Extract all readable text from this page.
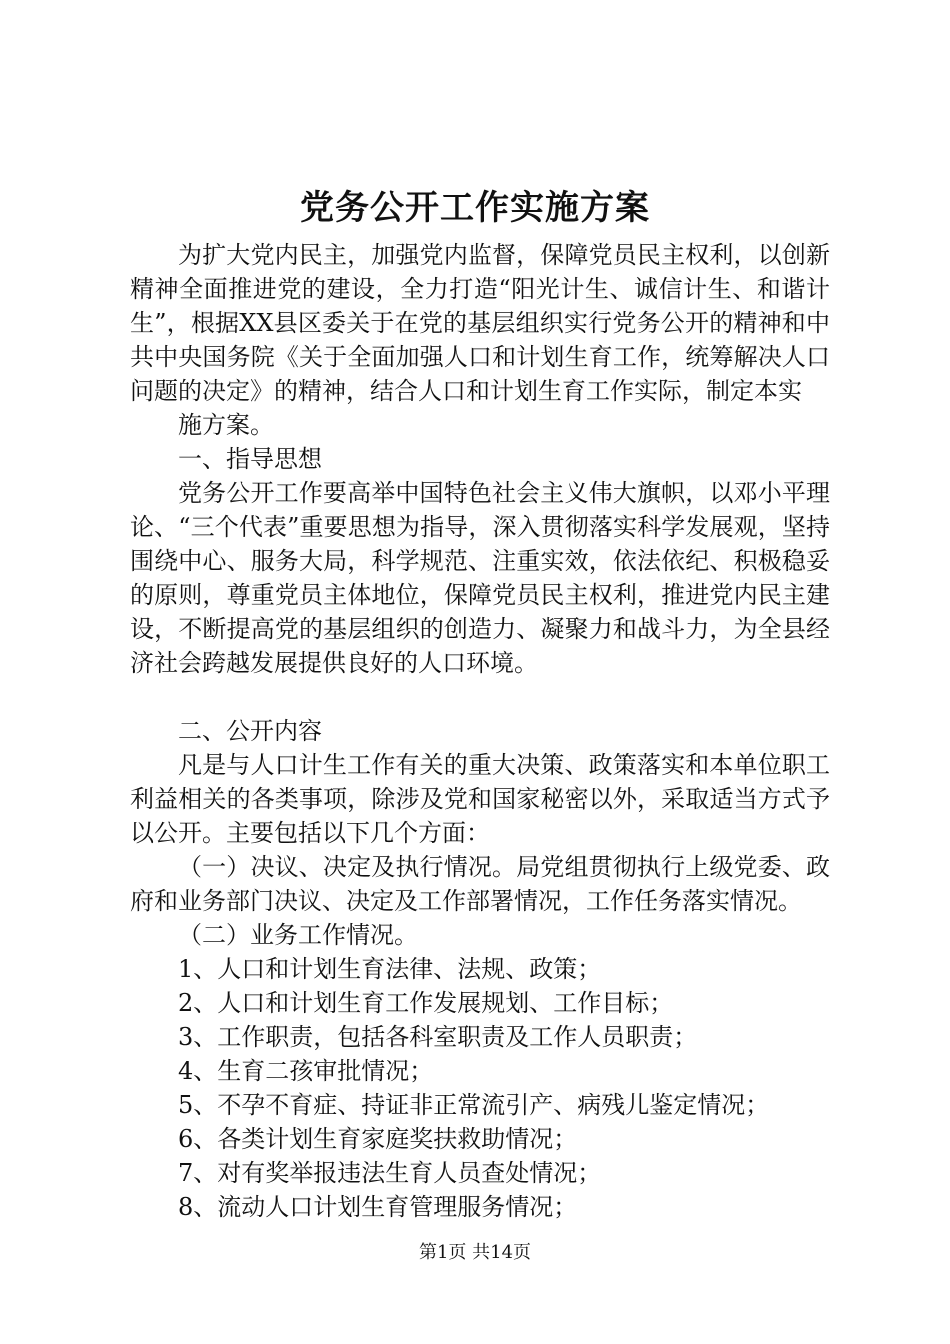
党务公开工作实施方案

为扩大党内民主，加强党内监督，保障党员民主权利，以创新精神全面推进党的建设，全力打造“阳光计生、诚信计生、和谐计生”，根据XX县区委关于在党的基层组织实行党务公开的精神和中共中央国务院《关于全面加强人口和计划生育工作，统筹解决人口问题的决定》的精神，结合人口和计划生育工作实际，制定本实

施方案。

一、指导思想

党务公开工作要高举中国特色社会主义伟大旗帜，以邓小平理论、“三个代表”重要思想为指导，深入贯彻落实科学发展观，坚持围绕中心、服务大局，科学规范、注重实效，依法依纪、积极稳妥的原则，尊重党员主体地位，保障党员民主权利，推进党内民主建设，不断提高党的基层组织的创造力、凝聚力和战斗力，为全县经济社会跨越发展提供良好的人口环境。

二、公开内容

凡是与人口计生工作有关的重大决策、政策落实和本单位职工利益相关的各类事项，除涉及党和国家秘密以外，采取适当方式予以公开。主要包括以下几个方面：

（一）决议、决定及执行情况。局党组贯彻执行上级党委、政府和业务部门决议、决定及工作部署情况，工作任务落实情况。

（二）业务工作情况。

1、人口和计划生育法律、法规、政策；

2、人口和计划生育工作发展规划、工作目标；

3、工作职责，包括各科室职责及工作人员职责；

4、生育二孩审批情况；

5、不孕不育症、持证非正常流引产、病残儿鉴定情况；

6、各类计划生育家庭奖扶救助情况；

7、对有奖举报违法生育人员查处情况；

8、流动人口计划生育管理服务情况；

第1页 共14页
